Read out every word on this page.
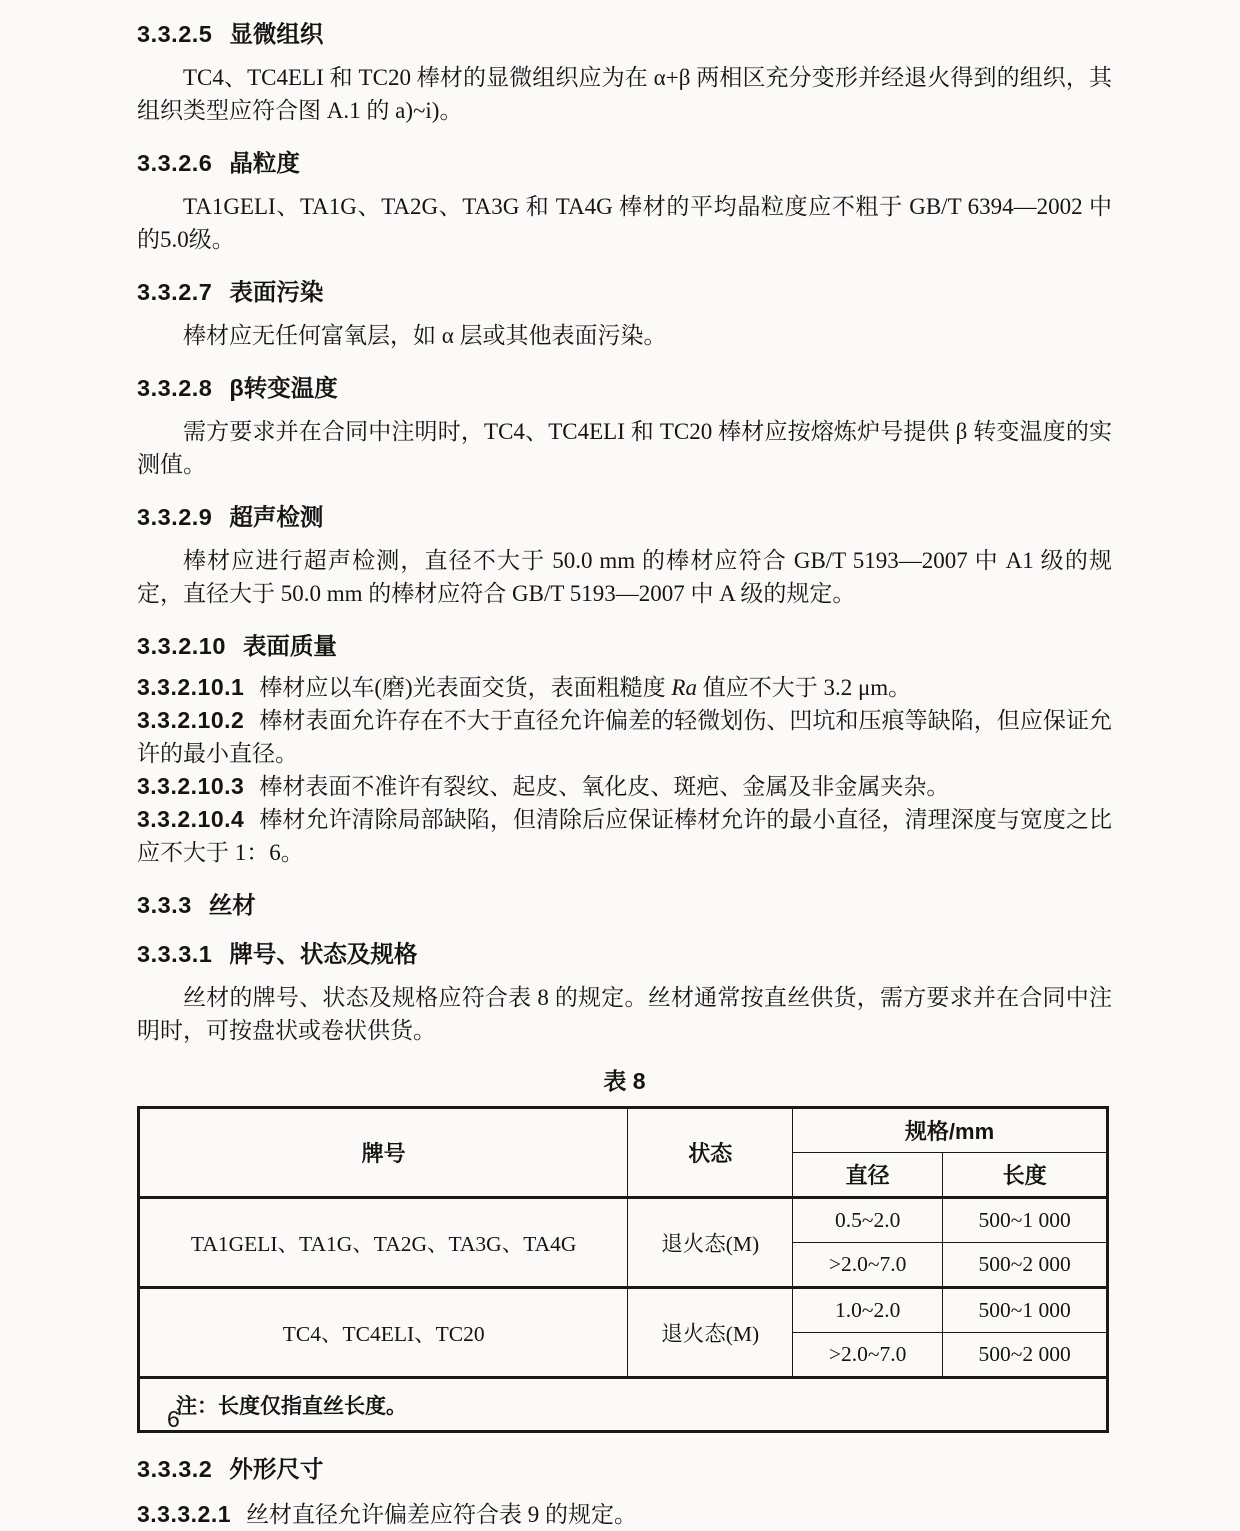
3.3.2.5 显微组织

TC4、TC4ELI 和 TC20 棒材的显微组织应为在 α+β 两相区充分变形并经退火得到的组织，其组织类型应符合图 A.1 的 a)~i)。

3.3.2.6 晶粒度

TA1GELI、TA1G、TA2G、TA3G 和 TA4G 棒材的平均晶粒度应不粗于 GB/T 6394—2002 中的5.0级。

3.3.2.7 表面污染

棒材应无任何富氧层，如 α 层或其他表面污染。

3.3.2.8 β转变温度

需方要求并在合同中注明时，TC4、TC4ELI 和 TC20 棒材应按熔炼炉号提供 β 转变温度的实测值。

3.3.2.9 超声检测

棒材应进行超声检测，直径不大于 50.0 mm 的棒材应符合 GB/T 5193—2007 中 A1 级的规定，直径大于 50.0 mm 的棒材应符合 GB/T 5193—2007 中 A 级的规定。

3.3.2.10 表面质量

3.3.2.10.1 棒材应以车(磨)光表面交货，表面粗糙度 Ra 值应不大于 3.2 μm。

3.3.2.10.2 棒材表面允许存在不大于直径允许偏差的轻微划伤、凹坑和压痕等缺陷，但应保证允许的最小直径。

3.3.2.10.3 棒材表面不准许有裂纹、起皮、氧化皮、斑疤、金属及非金属夹杂。

3.3.2.10.4 棒材允许清除局部缺陷，但清除后应保证棒材允许的最小直径，清理深度与宽度之比应不大于 1：6。

3.3.3 丝材

3.3.3.1 牌号、状态及规格

丝材的牌号、状态及规格应符合表 8 的规定。丝材通常按直丝供货，需方要求并在合同中注明时，可按盘状或卷状供货。

表 8
牌号	状态	规格/mm	
		直径	长度
TA1GELI、TA1G、TA2G、TA3G、TA4G	退火态(M)	0.5~2.0	500~1 000
		>2.0~7.0	500~2 000
TC4、TC4ELI、TC20	退火态(M)	1.0~2.0	500~1 000
		>2.0~7.0	500~2 000
注：长度仅指直丝长度。			

3.3.3.2 外形尺寸

3.3.3.2.1 丝材直径允许偏差应符合表 9 的规定。

6
